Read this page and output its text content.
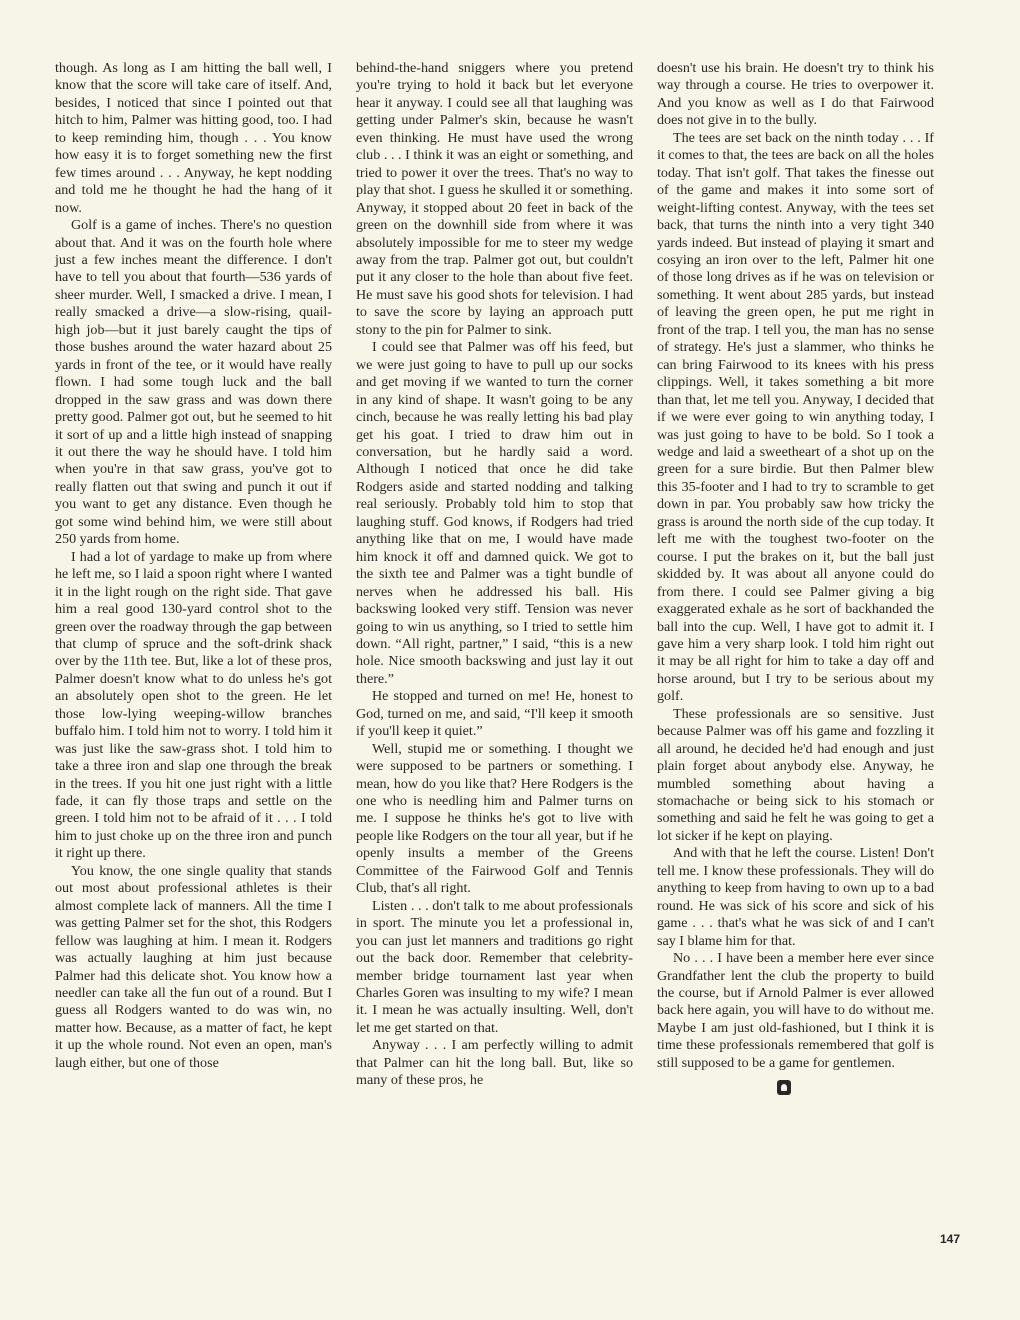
though. As long as I am hitting the ball well, I know that the score will take care of itself. And, besides, I noticed that since I pointed out that hitch to him, Palmer was hitting good, too. I had to keep reminding him, though . . . You know how easy it is to forget something new the first few times around . . . Anyway, he kept nodding and told me he thought he had the hang of it now.

Golf is a game of inches. There's no question about that. And it was on the fourth hole where just a few inches meant the difference. I don't have to tell you about that fourth—536 yards of sheer murder. Well, I smacked a drive. I mean, I really smacked a drive—a slow-rising, quail-high job—but it just barely caught the tips of those bushes around the water hazard about 25 yards in front of the tee, or it would have really flown. I had some tough luck and the ball dropped in the saw grass and was down there pretty good. Palmer got out, but he seemed to hit it sort of up and a little high instead of snapping it out there the way he should have. I told him when you're in that saw grass, you've got to really flatten out that swing and punch it out if you want to get any distance. Even though he got some wind behind him, we were still about 250 yards from home.

I had a lot of yardage to make up from where he left me, so I laid a spoon right where I wanted it in the light rough on the right side. That gave him a real good 130-yard control shot to the green over the roadway through the gap between that clump of spruce and the soft-drink shack over by the 11th tee. But, like a lot of these pros, Palmer doesn't know what to do unless he's got an absolutely open shot to the green. He let those low-lying weeping-willow branches buffalo him. I told him not to worry. I told him it was just like the saw-grass shot. I told him to take a three iron and slap one through the break in the trees. If you hit one just right with a little fade, it can fly those traps and settle on the green. I told him not to be afraid of it . . . I told him to just choke up on the three iron and punch it right up there.

You know, the one single quality that stands out most about professional athletes is their almost complete lack of manners. All the time I was getting Palmer set for the shot, this Rodgers fellow was laughing at him. I mean it. Rodgers was actually laughing at him just because Palmer had this delicate shot. You know how a needler can take all the fun out of a round. But I guess all Rodgers wanted to do was win, no matter how. Because, as a matter of fact, he kept it up the whole round. Not even an open, man's laugh either, but one of those

behind-the-hand sniggers where you pretend you're trying to hold it back but let everyone hear it anyway. I could see all that laughing was getting under Palmer's skin, because he wasn't even thinking. He must have used the wrong club . . . I think it was an eight or something, and tried to power it over the trees. That's no way to play that shot. I guess he skulled it or something. Anyway, it stopped about 20 feet in back of the green on the downhill side from where it was absolutely impossible for me to steer my wedge away from the trap. Palmer got out, but couldn't put it any closer to the hole than about five feet. He must save his good shots for television. I had to save the score by laying an approach putt stony to the pin for Palmer to sink.

I could see that Palmer was off his feed, but we were just going to have to pull up our socks and get moving if we wanted to turn the corner in any kind of shape. It wasn't going to be any cinch, because he was really letting his bad play get his goat. I tried to draw him out in conversation, but he hardly said a word. Although I noticed that once he did take Rodgers aside and started nodding and talking real seriously. Probably told him to stop that laughing stuff. God knows, if Rodgers had tried anything like that on me, I would have made him knock it off and damned quick. We got to the sixth tee and Palmer was a tight bundle of nerves when he addressed his ball. His backswing looked very stiff. Tension was never going to win us anything, so I tried to settle him down. “All right, partner,” I said, “this is a new hole. Nice smooth backswing and just lay it out there.”

He stopped and turned on me! He, honest to God, turned on me, and said, “I'll keep it smooth if you'll keep it quiet.”

Well, stupid me or something. I thought we were supposed to be partners or something. I mean, how do you like that? Here Rodgers is the one who is needling him and Palmer turns on me. I suppose he thinks he's got to live with people like Rodgers on the tour all year, but if he openly insults a member of the Greens Committee of the Fairwood Golf and Tennis Club, that's all right.

Listen . . . don't talk to me about professionals in sport. The minute you let a professional in, you can just let manners and traditions go right out the back door. Remember that celebrity-member bridge tournament last year when Charles Goren was insulting to my wife? I mean it. I mean he was actually insulting. Well, don't let me get started on that.

Anyway . . . I am perfectly willing to admit that Palmer can hit the long ball. But, like so many of these pros, he

doesn't use his brain. He doesn't try to think his way through a course. He tries to overpower it. And you know as well as I do that Fairwood does not give in to the bully.

The tees are set back on the ninth today . . . If it comes to that, the tees are back on all the holes today. That isn't golf. That takes the finesse out of the game and makes it into some sort of weight-lifting contest. Anyway, with the tees set back, that turns the ninth into a very tight 340 yards indeed. But instead of playing it smart and cosying an iron over to the left, Palmer hit one of those long drives as if he was on television or something. It went about 285 yards, but instead of leaving the green open, he put me right in front of the trap. I tell you, the man has no sense of strategy. He's just a slammer, who thinks he can bring Fairwood to its knees with his press clippings. Well, it takes something a bit more than that, let me tell you. Anyway, I decided that if we were ever going to win anything today, I was just going to have to be bold. So I took a wedge and laid a sweetheart of a shot up on the green for a sure birdie. But then Palmer blew this 35-footer and I had to try to scramble to get down in par. You probably saw how tricky the grass is around the north side of the cup today. It left me with the toughest two-footer on the course. I put the brakes on it, but the ball just skidded by. It was about all anyone could do from there. I could see Palmer giving a big exaggerated exhale as he sort of backhanded the ball into the cup. Well, I have got to admit it. I gave him a very sharp look. I told him right out it may be all right for him to take a day off and horse around, but I try to be serious about my golf.

These professionals are so sensitive. Just because Palmer was off his game and fozzling it all around, he decided he'd had enough and just plain forget about anybody else. Anyway, he mumbled something about having a stomachache or being sick to his stomach or something and said he felt he was going to get a lot sicker if he kept on playing.

And with that he left the course. Listen! Don't tell me. I know these professionals. They will do anything to keep from having to own up to a bad round. He was sick of his score and sick of his game . . . that's what he was sick of and I can't say I blame him for that.

No . . . I have been a member here ever since Grandfather lent the club the property to build the course, but if Arnold Palmer is ever allowed back here again, you will have to do without me. Maybe I am just old-fashioned, but I think it is time these professionals remembered that golf is still supposed to be a game for gentlemen.

147
